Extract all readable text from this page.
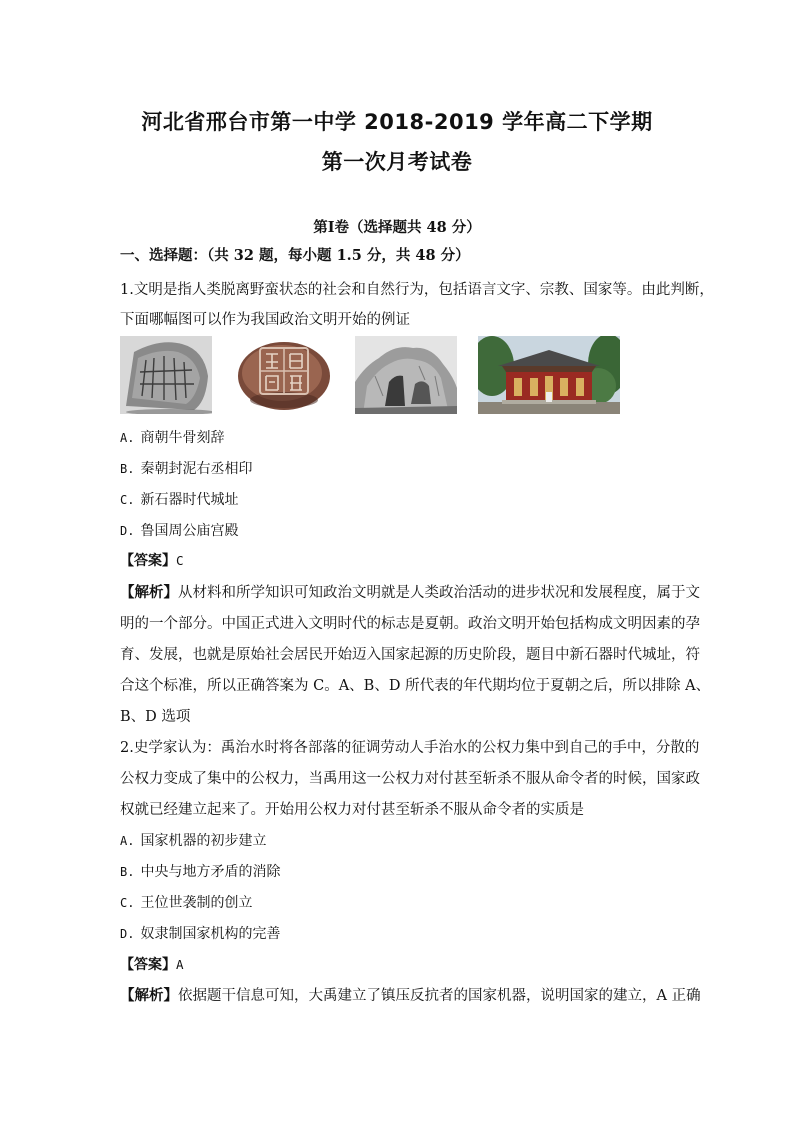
河北省邢台市第一中学 2018-2019 学年高二下学期
第一次月考试卷
第Ⅰ卷（选择题共 48 分）
一、选择题：（共 32 题，每小题 1.5 分，共 48 分）
1.文明是指人类脱离野蛮状态的社会和自然行为，包括语言文字、宗教、国家等。由此判断，
下面哪幅图可以作为我国政治文明开始的例证
A. 商朝牛骨刻辞
B. 秦朝封泥右丞相印
C. 新石器时代城址
D. 鲁国周公庙宫殿
【答案】C
【解析】从材料和所学知识可知政治文明就是人类政治活动的进步状况和发展程度，属于文
明的一个部分。中国正式进入文明时代的标志是夏朝。政治文明开始包括构成文明因素的孕
育、发展，也就是原始社会居民开始迈入国家起源的历史阶段，题目中新石器时代城址，符
合这个标准，所以正确答案为 C。A、B、D 所代表的年代期均位于夏朝之后，所以排除 A、
B、D 选项
2.史学家认为：禹治水时将各部落的征调劳动人手治水的公权力集中到自己的手中，分散的
公权力变成了集中的公权力，当禹用这一公权力对付甚至斩杀不服从命令者的时候，国家政
权就已经建立起来了。开始用公权力对付甚至斩杀不服从命令者的实质是
A. 国家机器的初步建立
B. 中央与地方矛盾的消除
C. 王位世袭制的创立
D. 奴隶制国家机构的完善
【答案】A
【解析】依据题干信息可知，大禹建立了镇压反抗者的国家机器，说明国家的建立，A 正确
